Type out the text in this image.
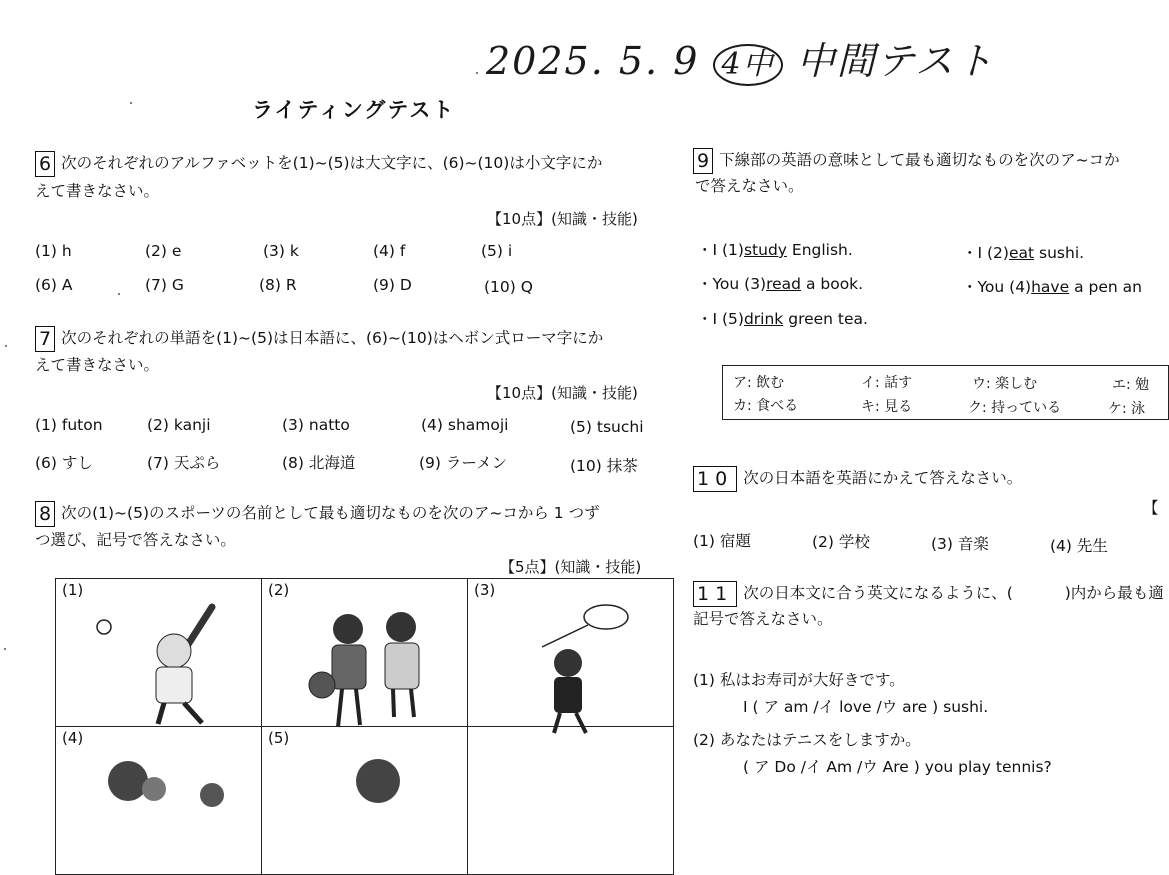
2025. 5. 9 4中 中間テスト
ライティングテスト
6 次のそれぞれのアルファベットを(1)~(5)は大文字に、(6)~(10)は小文字にか
えて書きなさい。
【10点】(知識・技能)
(1) h	(2) e	(3) k	(4) f	(5) i
(6) A	(7) G	(8) R	(9) D	(10) Q
7 次のそれぞれの単語を(1)~(5)は日本語に、(6)~(10)はヘボン式ローマ字にか
えて書きなさい。
【10点】(知識・技能)
(1) futon	(2) kanji	(3) natto	(4) shamoji	(5) tsuchi
(6) すし	(7) 天ぷら	(8) 北海道	(9) ラーメン	(10) 抹茶
8 次の(1)~(5)のスポーツの名前として最も適切なものを次のア~コから 1 つず
つ選び、記号で答えなさい。
【5点】(知識・技能)
(1)	(2)	(3)
(4)	(5)	
9 下線部の英語の意味として最も適切なものを次のア~コか
で答えなさい。
・I (1)study English.	・I (2)eat sushi.
・You (3)read a book.	・You (4)have a pen an
・I (5)drink green tea.
ア: 飲む	イ: 話す	ウ: 楽しむ	エ: 勉
カ: 食べる	キ: 見る	ク: 持っている	ケ: 泳
10 次の日本語を英語にかえて答えなさい。
【
(1) 宿題	(2) 学校	(3) 音楽	(4) 先生
11 次の日本文に合う英文になるように、(	)内から最も適
記号で答えなさい。
(1) 私はお寿司が大好きです。
I ( ア am /イ love /ウ are ) sushi.
(2) あなたはテニスをしますか。
( ア Do /イ Am /ウ Are ) you play tennis?
